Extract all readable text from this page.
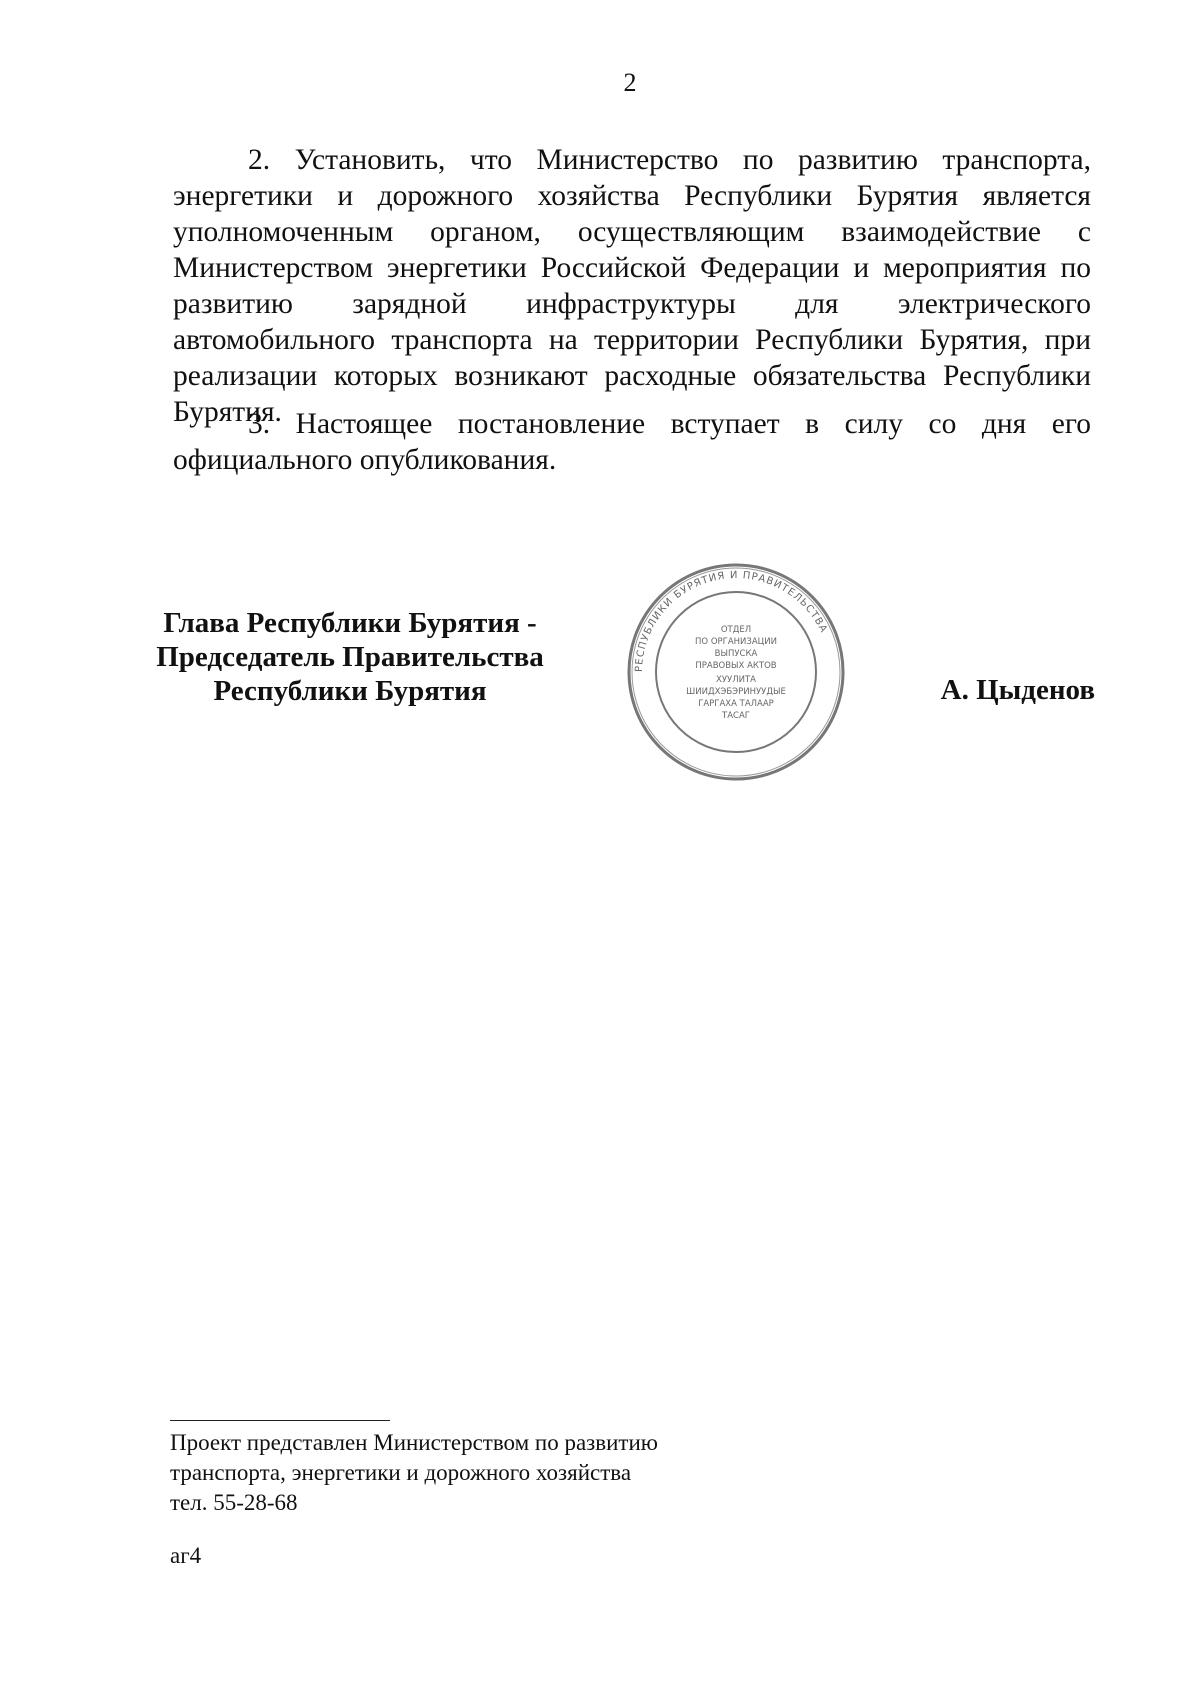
2
2. Установить, что Министерство по развитию транспорта, энергетики и дорожного хозяйства Республики Бурятия является уполномоченным органом, осуществляющим взаимодействие с Министерством энергетики Российской Федерации и мероприятия по развитию зарядной инфраструктуры для электрического автомобильного транспорта на территории Республики Бурятия, при реализации которых возникают расходные обязательства Республики Бурятия.
3. Настоящее постановление вступает в силу со дня его официального опубликования.
Глава Республики Бурятия -
Председатель Правительства
Республики Бурятия
РЕСПУБЛИКИ БУРЯТИЯ И ПРАВИТЕЛЬСТВА
ОТДЕЛ
ПО ОРГАНИЗАЦИИ
ВЫПУСКА
ПРАВОВЫХ АКТОВ
ХУУЛИТА
ШИИДХЭБЭРИНУУДЫЕ
ГАРГАХА ТАЛААР
ТАСАГ
А. Цыденов
Проект представлен Министерством по развитию
транспорта, энергетики и дорожного хозяйства
тел. 55-28-68
аг4
